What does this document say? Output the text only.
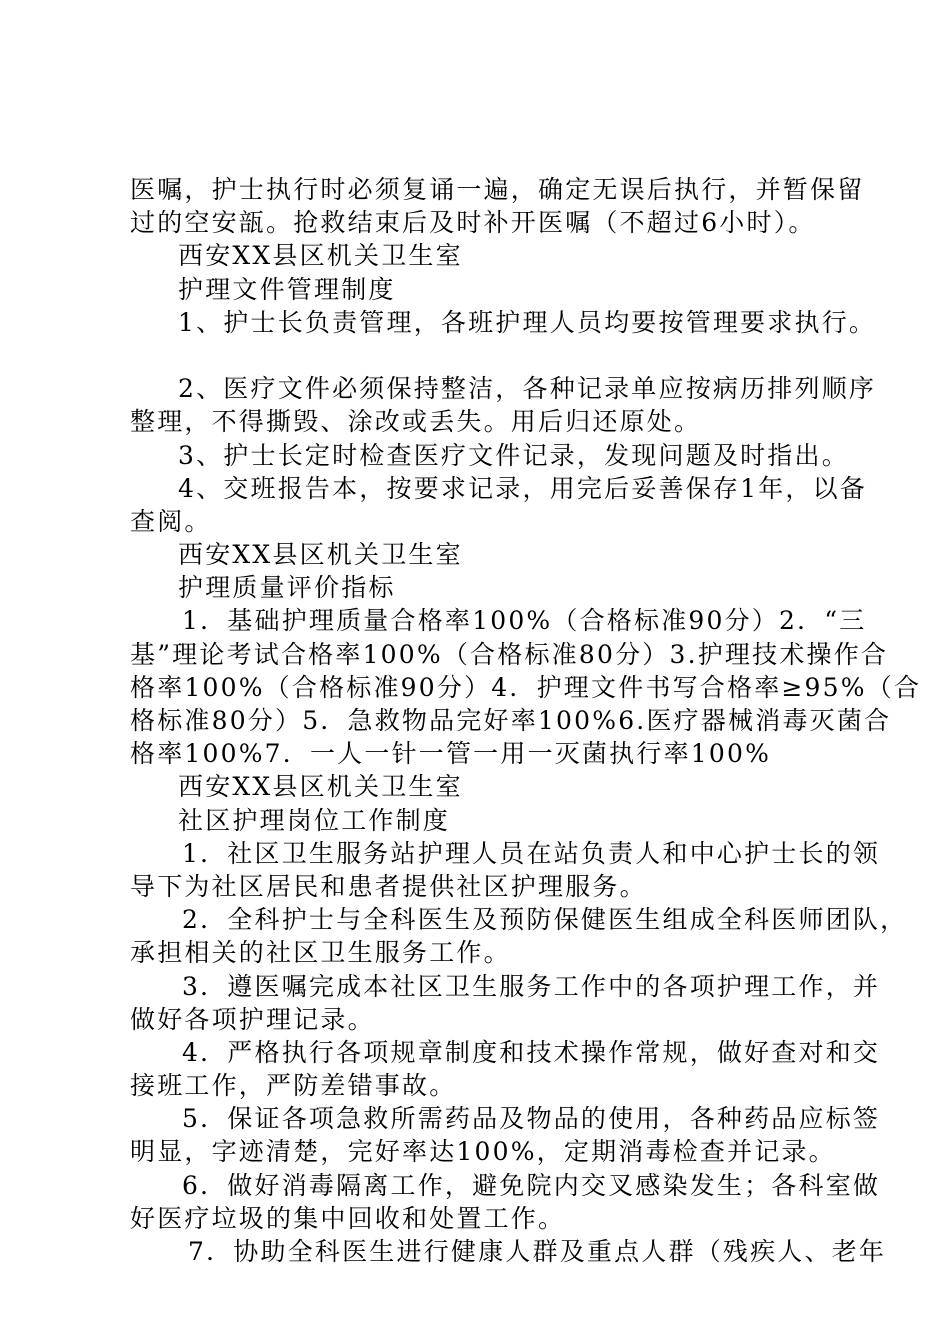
医嘱，护士执行时必须复诵一遍，确定无误后执行，并暂保留
过的空安瓿。抢救结束后及时补开医嘱（不超过6小时）。
西安XX县区机关卫生室
护理文件管理制度
1、护士长负责管理，各班护理人员均要按管理要求执行。
2、医疗文件必须保持整洁，各种记录单应按病历排列顺序
整理，不得撕毁、涂改或丢失。用后归还原处。
3、护士长定时检查医疗文件记录，发现问题及时指出。
4、交班报告本，按要求记录，用完后妥善保存1年，以备
查阅。
西安XX县区机关卫生室
护理质量评价指标
1．基础护理质量合格率100%（合格标准90分）2．“三
基”理论考试合格率100%（合格标准80分）3.护理技术操作合
格率100%（合格标准90分）4．护理文件书写合格率≥95%（合
格标准80分）5．急救物品完好率100%6.医疗器械消毒灭菌合
格率100%7．一人一针一管一用一灭菌执行率100%
西安XX县区机关卫生室
社区护理岗位工作制度
1．社区卫生服务站护理人员在站负责人和中心护士长的领
导下为社区居民和患者提供社区护理服务。
2．全科护士与全科医生及预防保健医生组成全科医师团队，
承担相关的社区卫生服务工作。
3．遵医嘱完成本社区卫生服务工作中的各项护理工作，并
做好各项护理记录。
4．严格执行各项规章制度和技术操作常规，做好查对和交
接班工作，严防差错事故。
5．保证各项急救所需药品及物品的使用，各种药品应标签
明显，字迹清楚，完好率达100%，定期消毒检查并记录。
6．做好消毒隔离工作，避免院内交叉感染发生；各科室做
好医疗垃圾的集中回收和处置工作。
7．协助全科医生进行健康人群及重点人群（残疾人、老年
